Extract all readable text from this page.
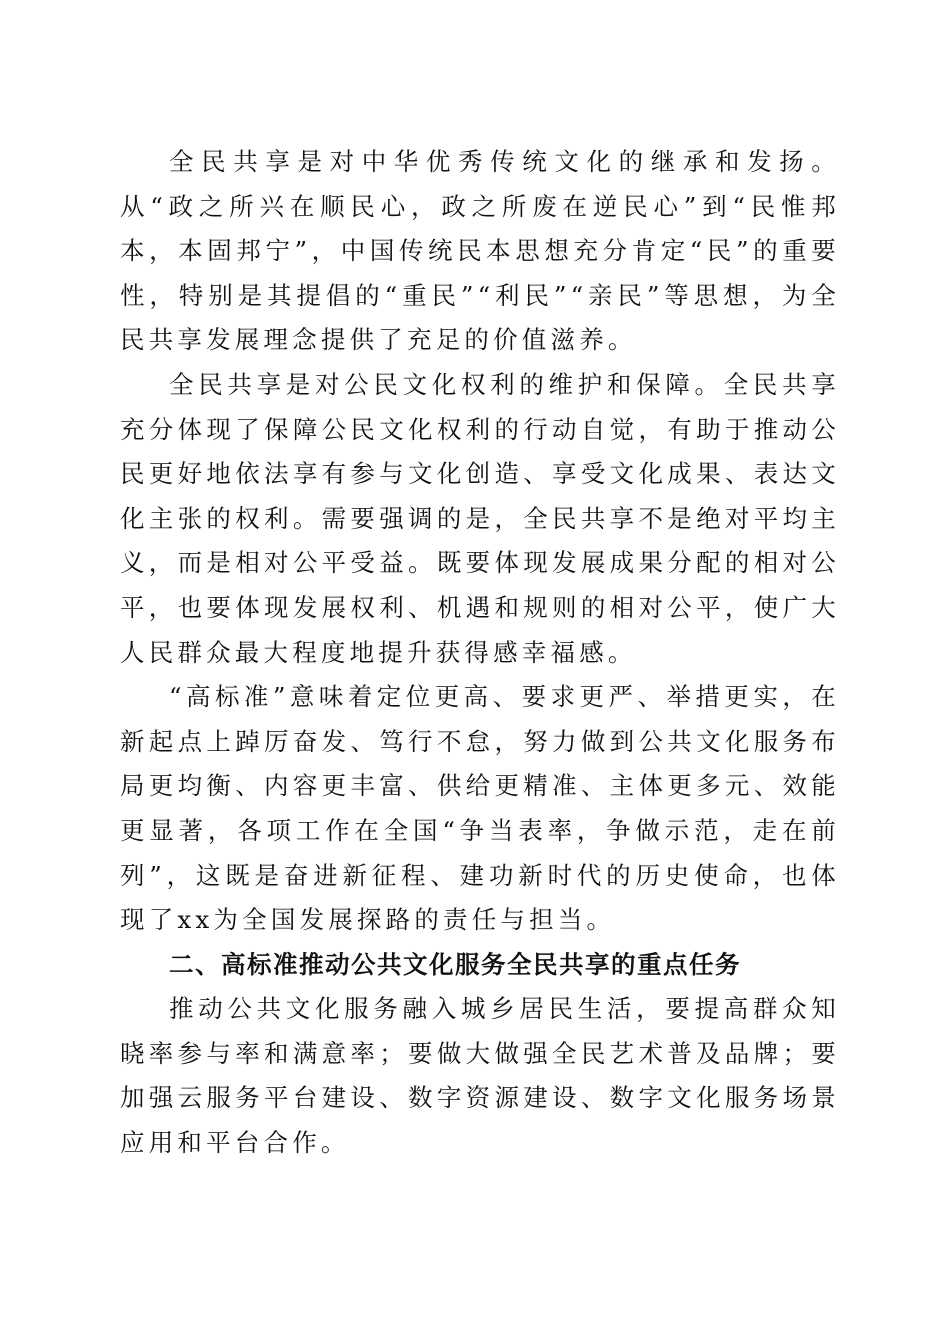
全民共享是对中华优秀传统文化的继承和发扬。从“政之所兴在顺民心，政之所废在逆民心”到“民惟邦本，本固邦宁”，中国传统民本思想充分肯定“民”的重要性，特别是其提倡的“重民”“利民”“亲民”等思想，为全民共享发展理念提供了充足的价值滋养。

全民共享是对公民文化权利的维护和保障。全民共享充分体现了保障公民文化权利的行动自觉，有助于推动公民更好地依法享有参与文化创造、享受文化成果、表达文化主张的权利。需要强调的是，全民共享不是绝对平均主义，而是相对公平受益。既要体现发展成果分配的相对公平，也要体现发展权利、机遇和规则的相对公平，使广大人民群众最大程度地提升获得感幸福感。

“高标准”意味着定位更高、要求更严、举措更实，在新起点上踔厉奋发、笃行不怠，努力做到公共文化服务布局更均衡、内容更丰富、供给更精准、主体更多元、效能更显著，各项工作在全国“争当表率，争做示范，走在前列”，这既是奋进新征程、建功新时代的历史使命，也体现了xx为全国发展探路的责任与担当。

二、高标准推动公共文化服务全民共享的重点任务

推动公共文化服务融入城乡居民生活，要提高群众知晓率参与率和满意率；要做大做强全民艺术普及品牌；要加强云服务平台建设、数字资源建设、数字文化服务场景应用和平台合作。
